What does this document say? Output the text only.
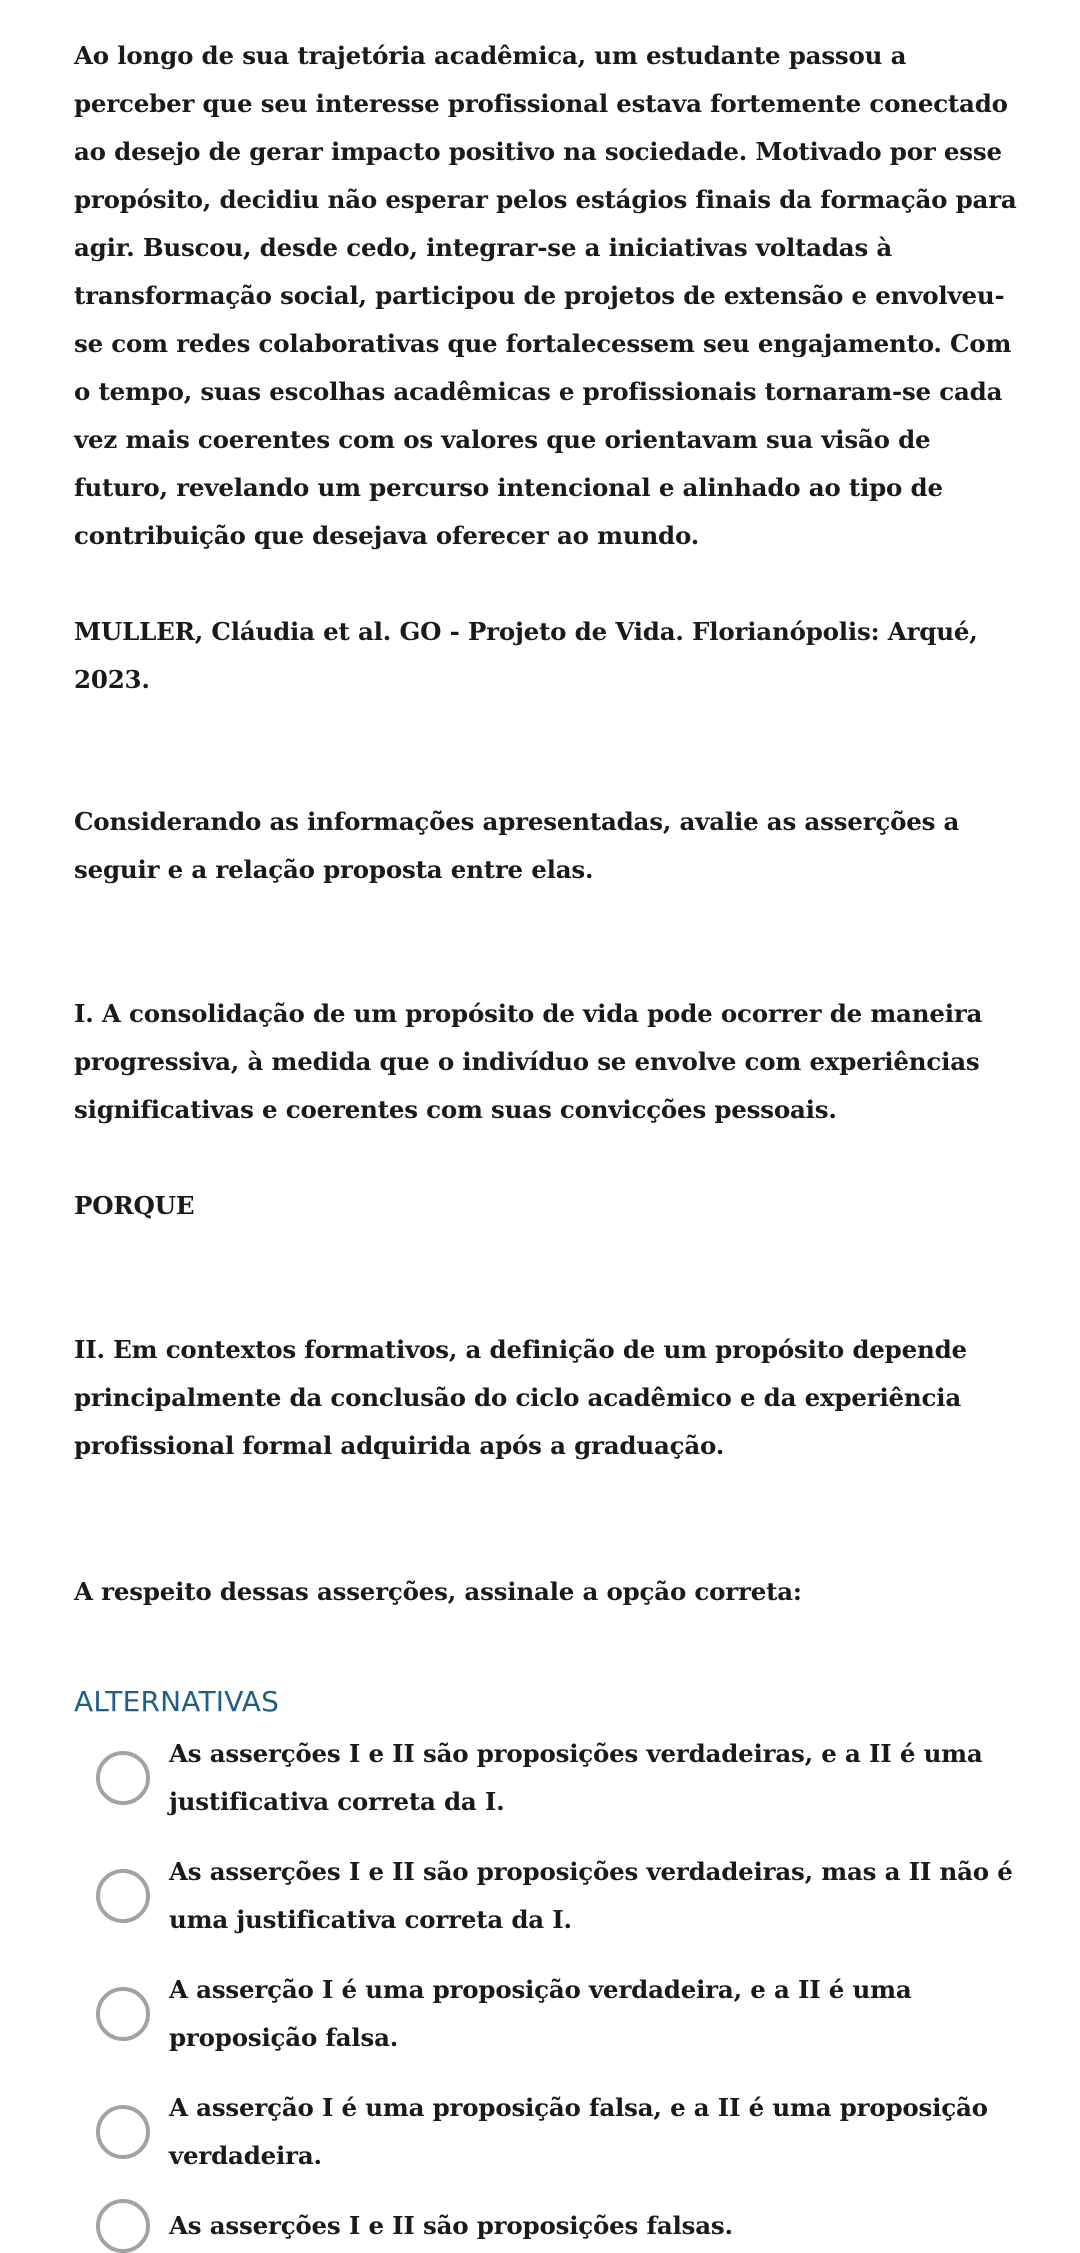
Ao longo de sua trajetória acadêmica, um estudante passou a perceber que seu interesse profissional estava fortemente conectado ao desejo de gerar impacto positivo na sociedade. Motivado por esse propósito, decidiu não esperar pelos estágios finais da formação para agir. Buscou, desde cedo, integrar-se a iniciativas voltadas à transformação social, participou de projetos de extensão e envolveu-se com redes colaborativas que fortalecessem seu engajamento. Com o tempo, suas escolhas acadêmicas e profissionais tornaram-se cada vez mais coerentes com os valores que orientavam sua visão de futuro, revelando um percurso intencional e alinhado ao tipo de contribuição que desejava oferecer ao mundo.

MULLER, Cláudia et al. GO - Projeto de Vida. Florianópolis: Arqué, 2023.

Considerando as informações apresentadas, avalie as asserções a seguir e a relação proposta entre elas.

I. A consolidação de um propósito de vida pode ocorrer de maneira progressiva, à medida que o indivíduo se envolve com experiências significativas e coerentes com suas convicções pessoais.

PORQUE

II. Em contextos formativos, a definição de um propósito depende principalmente da conclusão do ciclo acadêmico e da experiência profissional formal adquirida após a graduação.

A respeito dessas asserções, assinale a opção correta:

ALTERNATIVAS
As asserções I e II são proposições verdadeiras, e a II é uma justificativa correta da I.
As asserções I e II são proposições verdadeiras, mas a II não é uma justificativa correta da I.
A asserção I é uma proposição verdadeira, e a II é uma proposição falsa.
A asserção I é uma proposição falsa, e a II é uma proposição verdadeira.
As asserções I e II são proposições falsas.
